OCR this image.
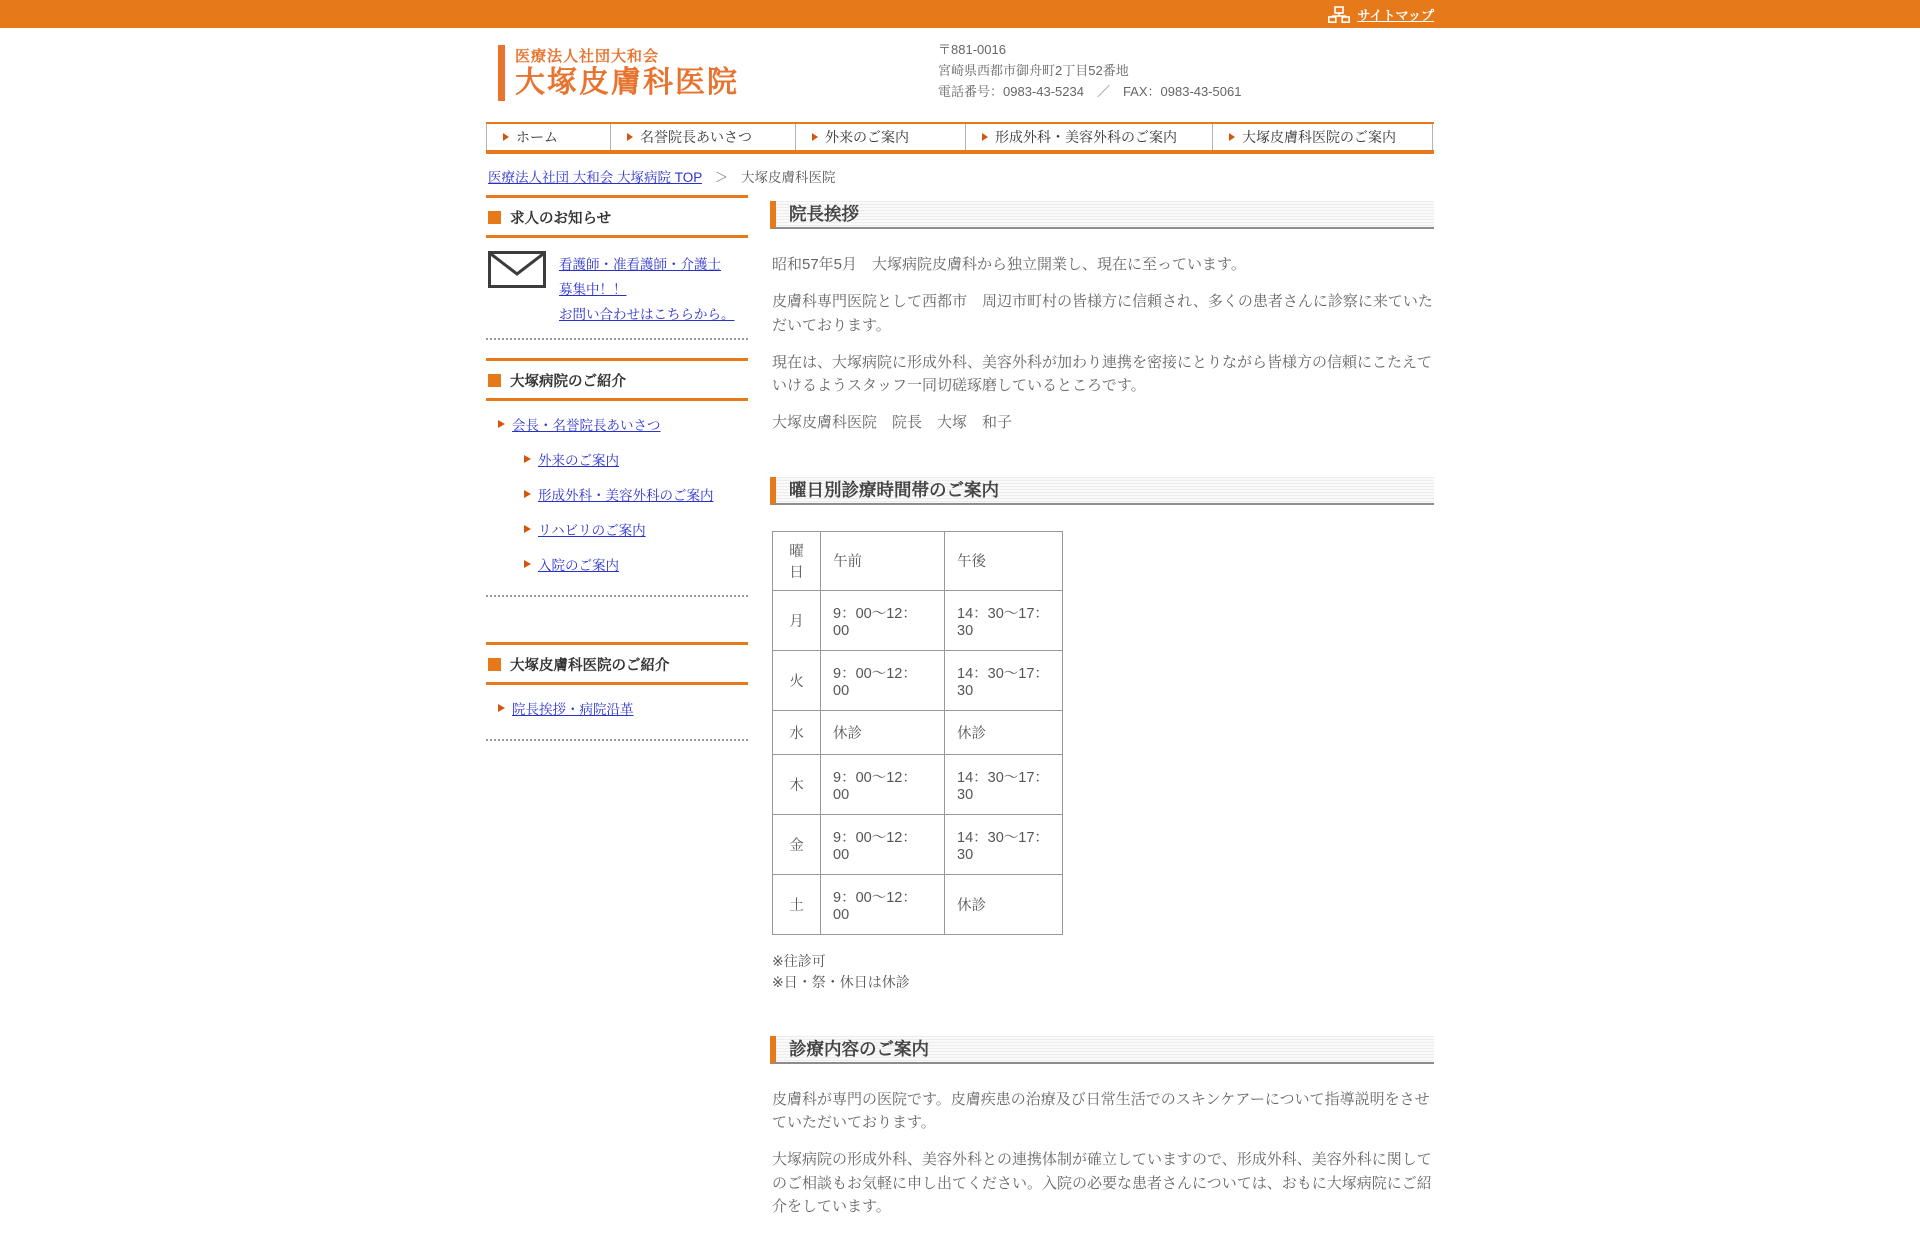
サイトマップ
医療法人社団大和会
大塚皮膚科医院
〒881-0016
宮崎県西都市御舟町2丁目52番地
電話番号：0983-43-5234　／　FAX：0983-43-5061
ホーム	名誉院長あいさつ	外来のご案内	形成外科・美容外科のご案内	大塚皮膚科医院のご案内
医療法人社団 大和会 大塚病院 TOP ＞ 大塚皮膚科医院
求人のお知らせ
看護師・准看護師・介護士
募集中！！
お問い合わせはこちらから。
大塚病院のご紹介
会長・名誉院長あいさつ
外来のご案内
形成外科・美容外科のご案内
リハビリのご案内
入院のご案内
大塚皮膚科医院のご紹介
院長挨拶・病院沿革
院長挨拶

昭和57年5月　大塚病院皮膚科から独立開業し、現在に至っています。

皮膚科専門医院として西都市　周辺市町村の皆様方に信頼され、多くの患者さんに診察に来ていただいております。

現在は、大塚病院に形成外科、美容外科が加わり連携を密接にとりながら皆様方の信頼にこたえていけるようスタッフ一同切磋琢磨しているところです。

大塚皮膚科医院　院長　大塚　和子

曜日別診療時間帯のご案内
曜日	午前	午後
月	9：00～12：00	14：30～17：30
火	9：00～12：00	14：30～17：30
水	休診	休診
木	9：00～12：00	14：30～17：30
金	9：00～12：00	14：30～17：30
土	9：00～12：00	休診
※往診可
※日・祭・休日は休診
診療内容のご案内

皮膚科が専門の医院です。皮膚疾患の治療及び日常生活でのスキンケアーについて指導説明をさせていただいております。

大塚病院の形成外科、美容外科との連携体制が確立していますので、形成外科、美容外科に関してのご相談もお気軽に申し出てください。入院の必要な患者さんについては、おもに大塚病院にご紹介をしています。
